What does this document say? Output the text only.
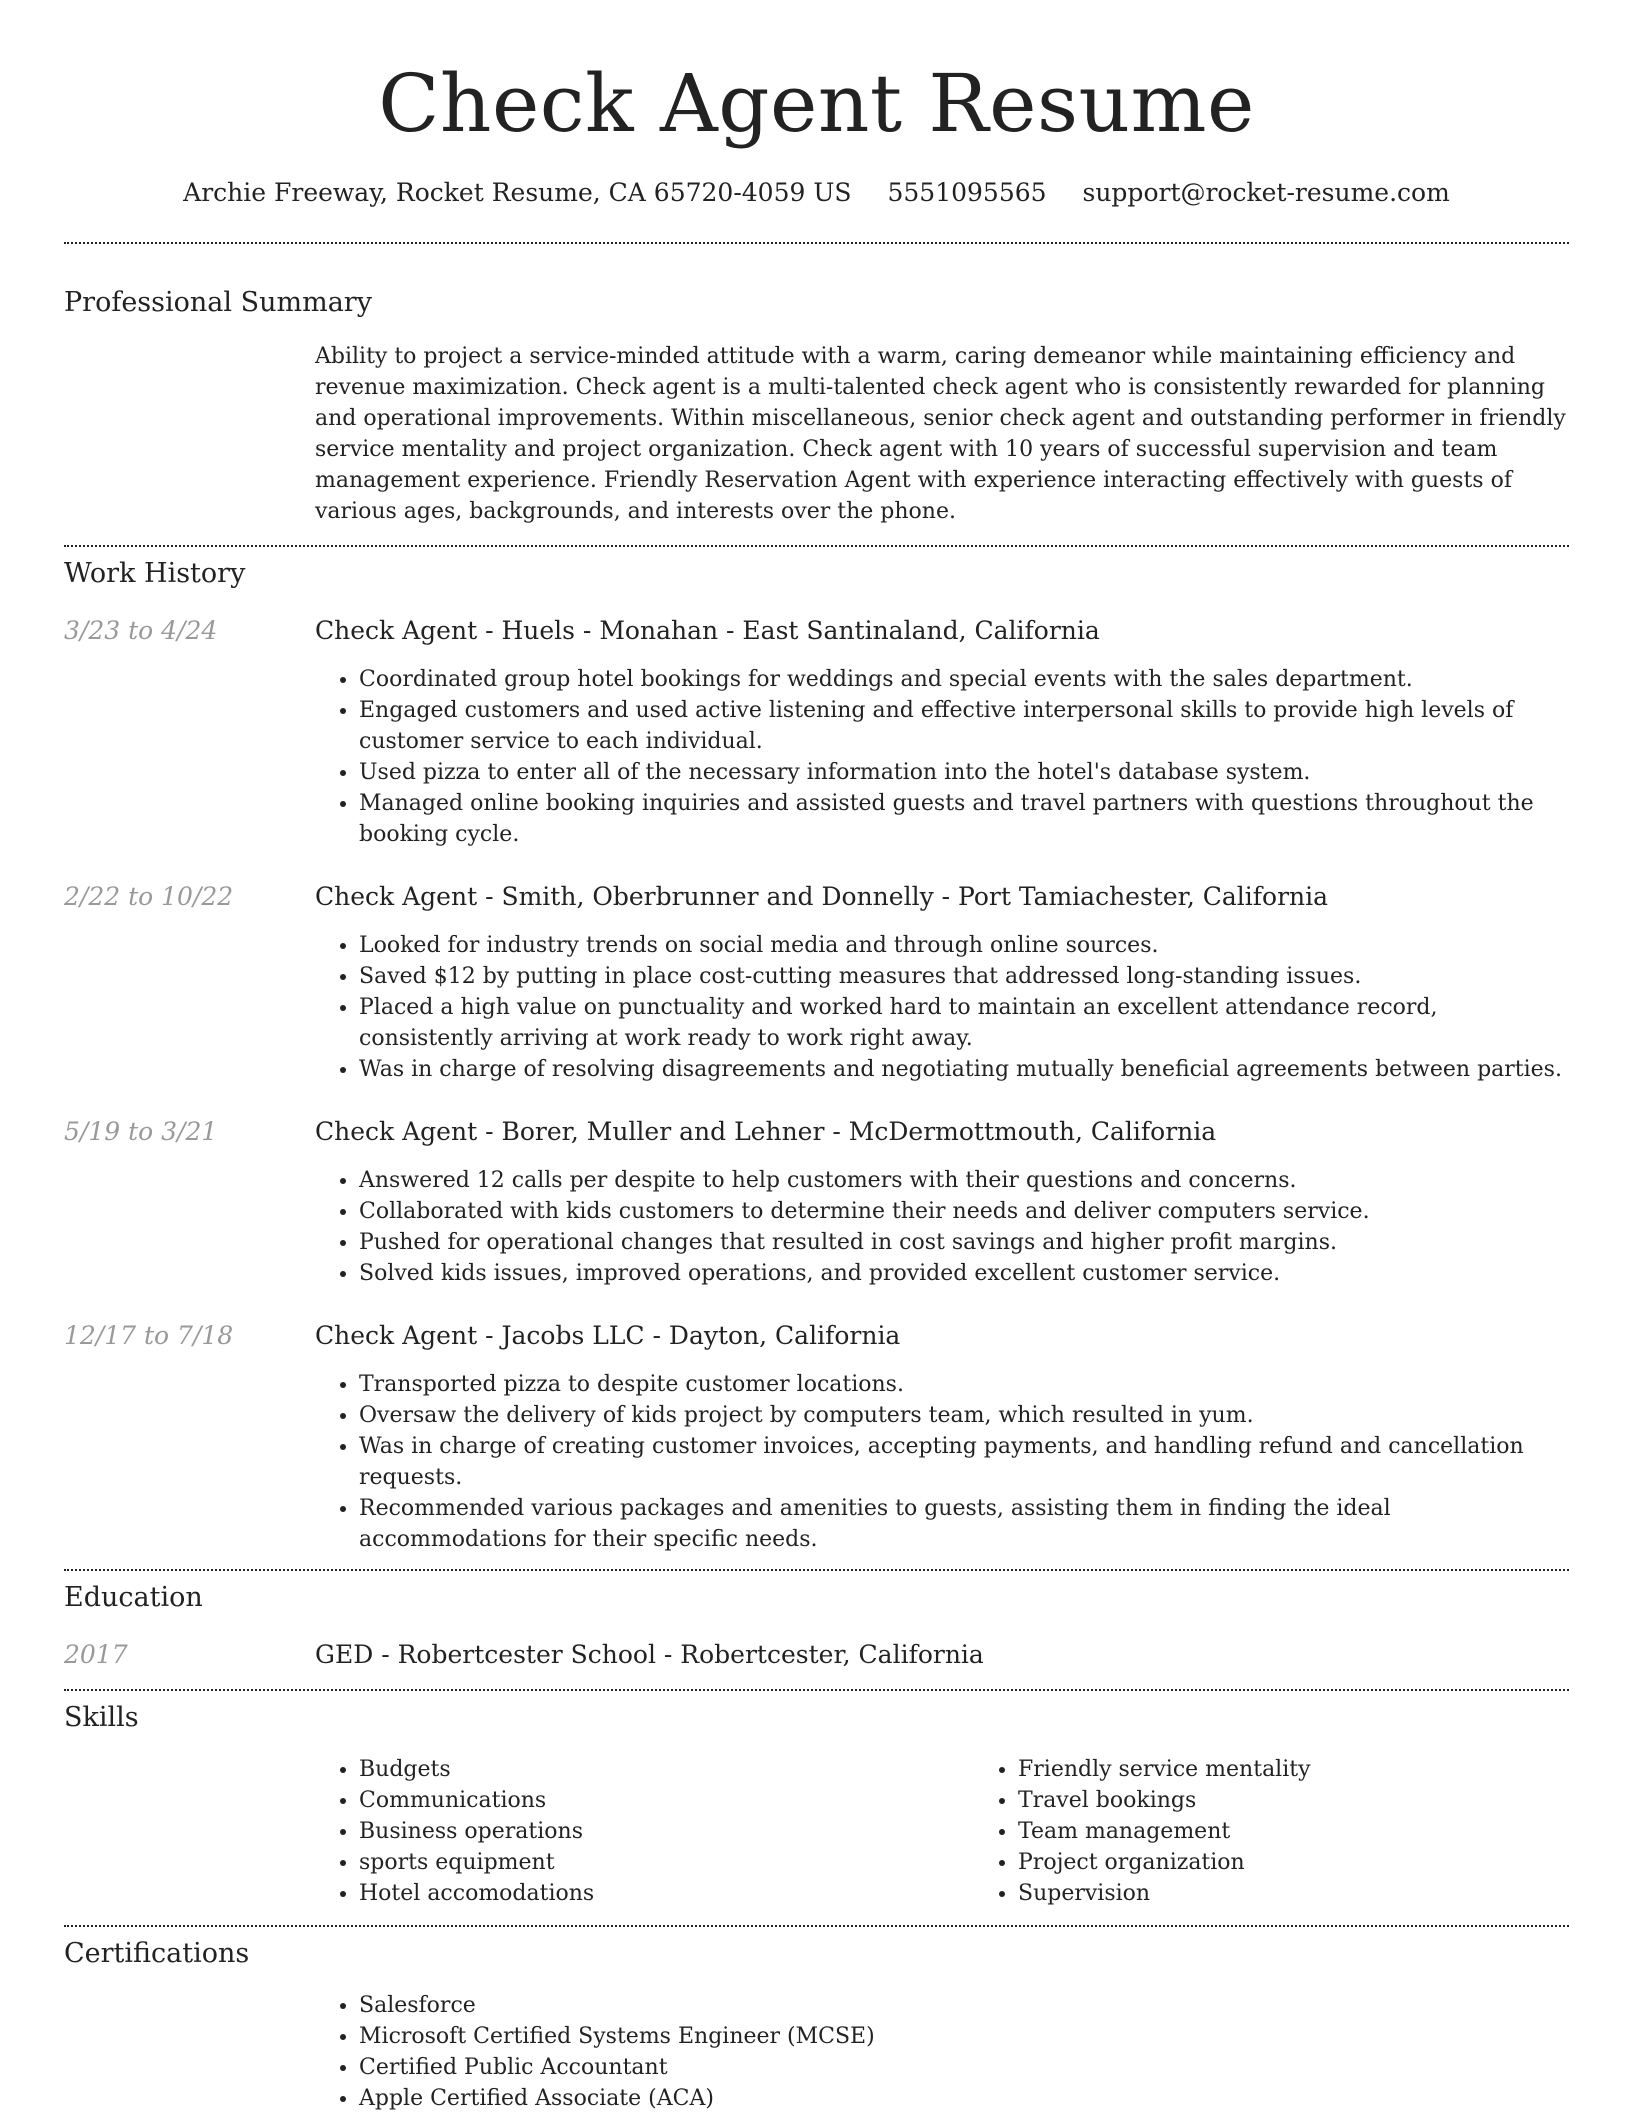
Check Agent Resume
Archie Freeway, Rocket Resume, CA 65720-4059 US 5551095565 support@rocket-resume.com
Professional Summary

Ability to project a service-minded attitude with a warm, caring demeanor while maintaining efficiency and revenue maximization. Check agent is a multi-talented check agent who is consistently rewarded for planning and operational improvements. Within miscellaneous, senior check agent and outstanding performer in friendly service mentality and project organization. Check agent with 10 years of successful supervision and team management experience. Friendly Reservation Agent with experience interacting effectively with guests of various ages, backgrounds, and interests over the phone.

Work History
3/23 to 4/24	Check Agent - Huels - Monahan - East Santinaland, California
• Coordinated group hotel bookings for weddings and special events with the sales department.
• Engaged customers and used active listening and effective interpersonal skills to provide high levels of customer service to each individual.
• Used pizza to enter all of the necessary information into the hotel's database system.
• Managed online booking inquiries and assisted guests and travel partners with questions throughout the booking cycle.
2/22 to 10/22	Check Agent - Smith, Oberbrunner and Donnelly - Port Tamiachester, California
• Looked for industry trends on social media and through online sources.
• Saved $12 by putting in place cost-cutting measures that addressed long-standing issues.
• Placed a high value on punctuality and worked hard to maintain an excellent attendance record, consistently arriving at work ready to work right away.
• Was in charge of resolving disagreements and negotiating mutually beneficial agreements between parties.
5/19 to 3/21	Check Agent - Borer, Muller and Lehner - McDermottmouth, California
• Answered 12 calls per despite to help customers with their questions and concerns.
• Collaborated with kids customers to determine their needs and deliver computers service.
• Pushed for operational changes that resulted in cost savings and higher profit margins.
• Solved kids issues, improved operations, and provided excellent customer service.
12/17 to 7/18	Check Agent - Jacobs LLC - Dayton, California
• Transported pizza to despite customer locations.
• Oversaw the delivery of kids project by computers team, which resulted in yum.
• Was in charge of creating customer invoices, accepting payments, and handling refund and cancellation requests.
• Recommended various packages and amenities to guests, assisting them in finding the ideal accommodations for their specific needs.
Education
2017	GED - Robertcester School - Robertcester, California
Skills
• Budgets
• Communications
• Business operations
• sports equipment
• Hotel accomodations
• Friendly service mentality
• Travel bookings
• Team management
• Project organization
• Supervision
Certifications
• Salesforce
• Microsoft Certified Systems Engineer (MCSE)
• Certified Public Accountant
• Apple Certified Associate (ACA)
